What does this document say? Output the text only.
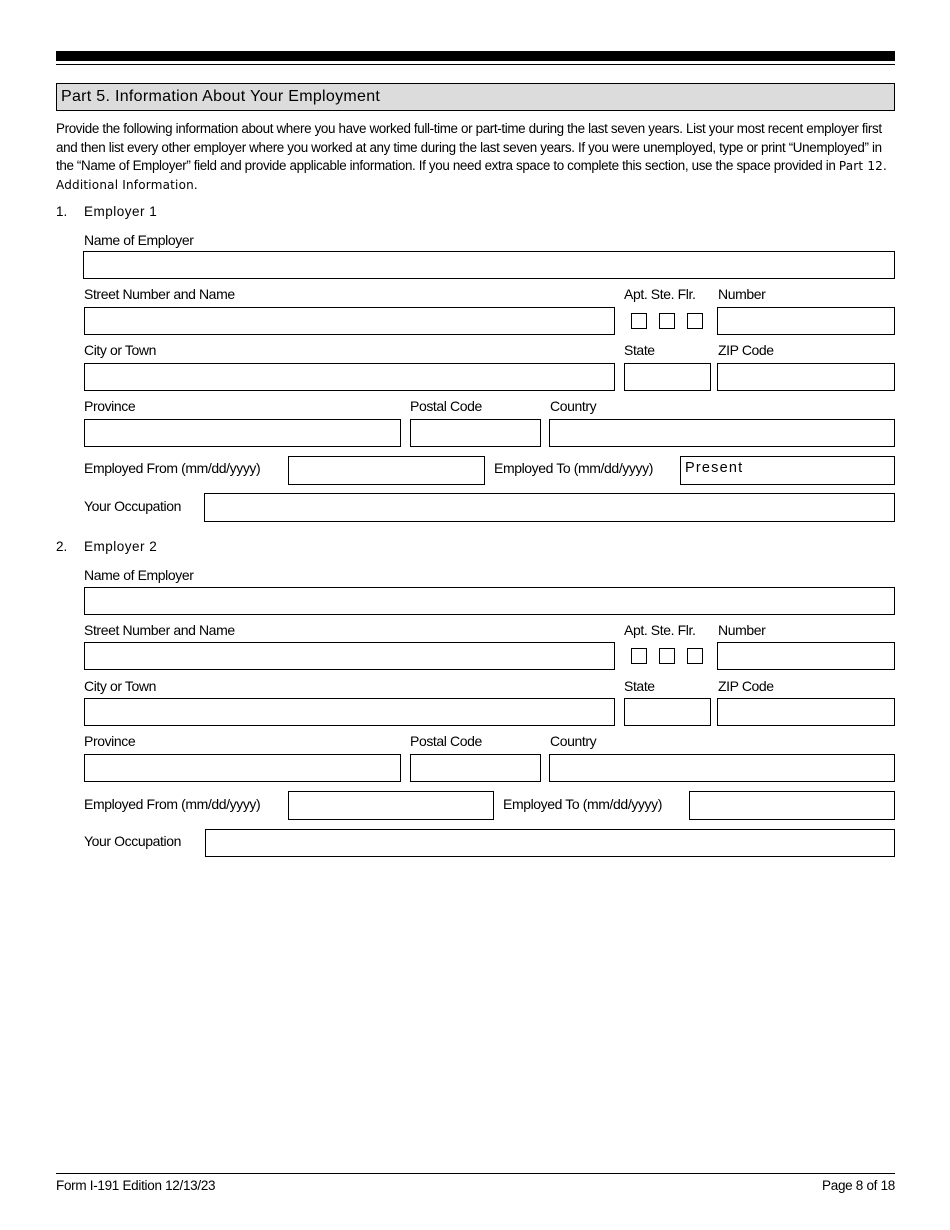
Part 5. Information About Your Employment
Provide the following information about where you have worked full-time or part-time during the last seven years. List your most recent employer first and then list every other employer where you worked at any time during the last seven years. If you were unemployed, type or print “Unemployed” in the “Name of Employer” field and provide applicable information. If you need extra space to complete this section, use the space provided in Part 12. Additional Information.
1. Employer 1
Name of Employer
Street Number and Name	Apt. Ste. Flr. Number
City or Town	State	ZIP Code
Province	Postal Code	Country
Employed From (mm/dd/yyyy)	Employed To (mm/dd/yyyy) Present
Your Occupation
2. Employer 2
Name of Employer
Street Number and Name	Apt. Ste. Flr. Number
City or Town	State	ZIP Code
Province	Postal Code	Country
Employed From (mm/dd/yyyy)	Employed To (mm/dd/yyyy)
Your Occupation
Form I-191 Edition 12/13/23	Page 8 of 18
